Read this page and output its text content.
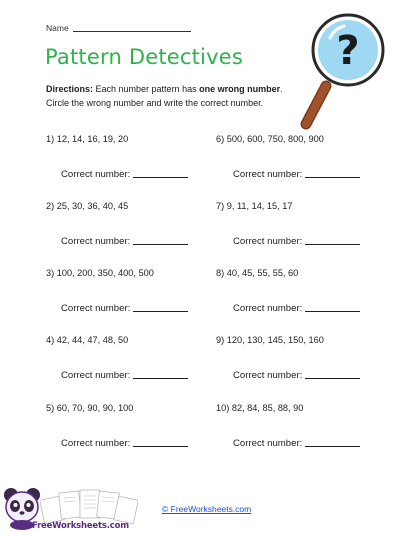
Name
Pattern Detectives
Directions: Each number pattern has one wrong number.
Circle the wrong number and write the correct number.
?
1) 12, 14, 16, 19, 20
Correct number:
2) 25, 30, 36, 40, 45
Correct number:
3) 100, 200, 350, 400, 500
Correct number:
4) 42, 44, 47, 48, 50
Correct number:
5) 60, 70, 90, 90, 100
Correct number:
6) 500, 600, 750, 800, 900
Correct number:
7) 9, 11, 14, 15, 17
Correct number:
8) 40, 45, 55, 55, 60
Correct number:
9) 120, 130, 145, 150, 160
Correct number:
10) 82, 84, 85, 88, 90
Correct number:
FreeWorksheets.com
© FreeWorksheets.com
